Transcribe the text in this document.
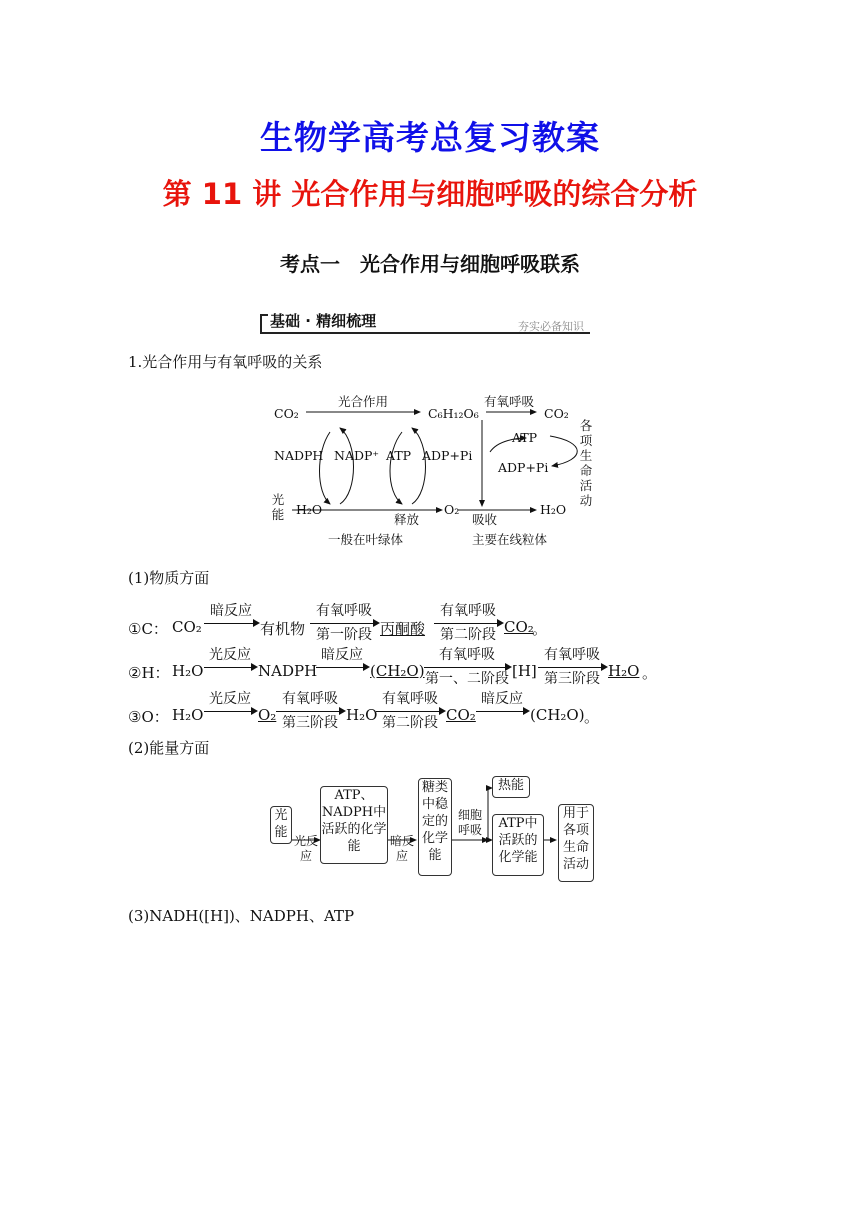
生物学高考总复习教案
第 11 讲 光合作用与细胞呼吸的综合分析
考点一 光合作用与细胞呼吸联系
基础 · 精细梳理	夯实必备知识
1.光合作用与有氧呼吸的关系
CO₂
光合作用
C₆H₁₂O₆
有氧呼吸
CO₂
各项生命活动
NADPH NADP⁺ ATP ADP+Pi
ATP
ADP+Pi
光能 H₂O
释放
O₂
吸收
H₂O
一般在叶绿体	主要在线粒体
(1)物质方面
①C： CO₂
暗反应
有机物
有氧呼吸
第一阶段 丙酮酸
有氧呼吸
第二阶段 CO₂
。
②H： H₂O
光反应
NADPH
暗反应
(CH₂O)
有氧呼吸
第一、二阶段 [H]
有氧呼吸
第三阶段 H₂O 。
③O： H₂O
光反应
O₂
有氧呼吸
第三阶段 H₂O
有氧呼吸
第二阶段 CO₂
暗反应
(CH₂O) 。
(2)能量方面
光能
光反应
ATP、NADPH中活跃的化学能	暗反应
糖类中稳定的化学能
细胞呼吸
热能
ATP中活跃的化学能
用于各项生命活动
(3)NADH([H])、NADPH、ATP
